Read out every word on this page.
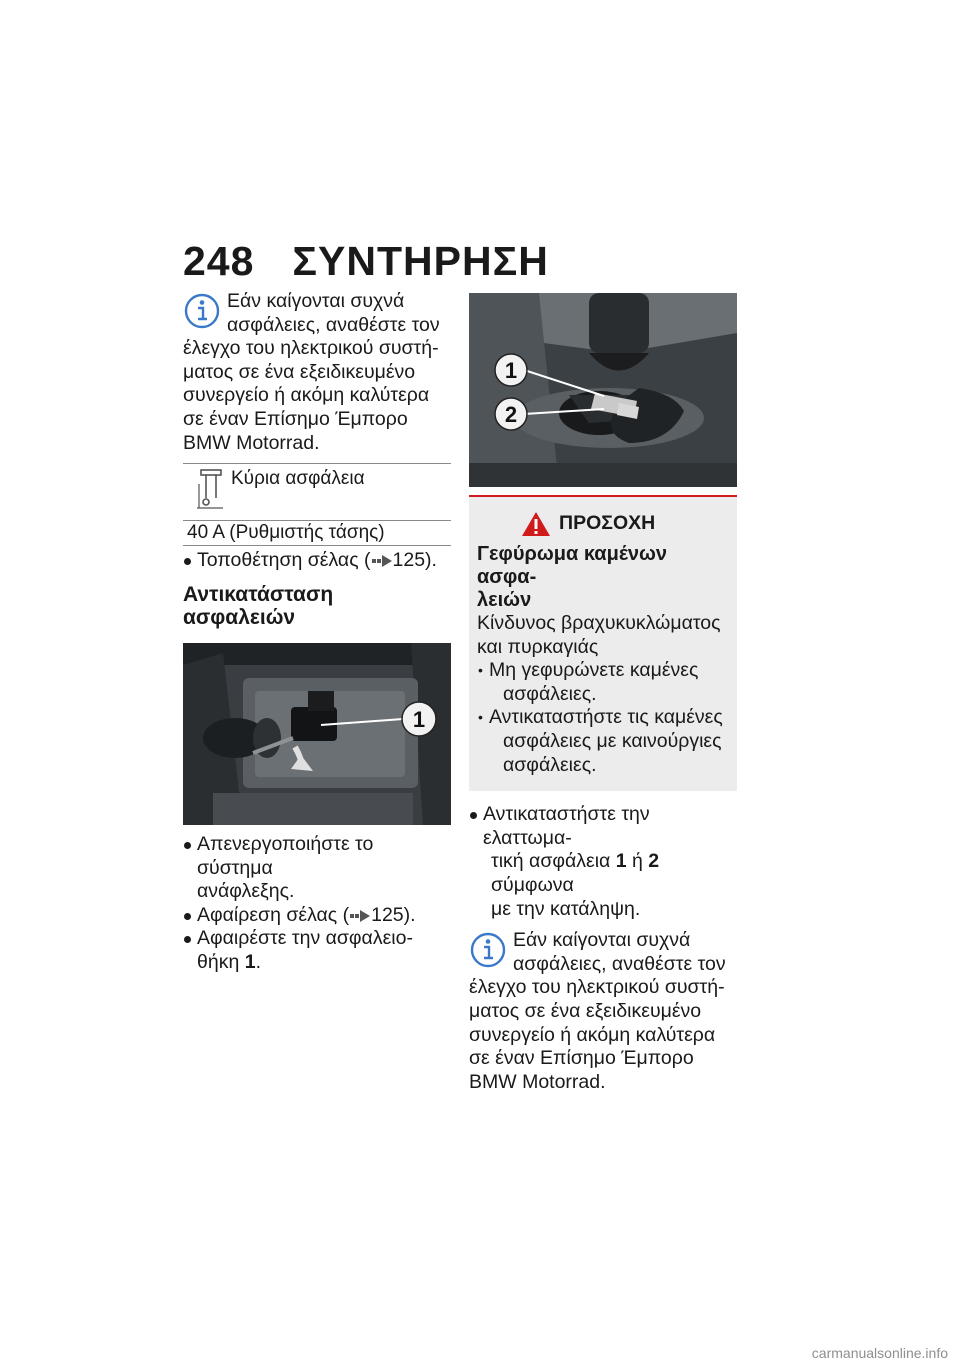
248 ΣΥΝΤΗΡΗΣΗ

Εάν καίγονται συχνά

ασφάλειες, αναθέστε τον

έλεγχο του ηλεκτρικού συστή-

ματος σε ένα εξειδικευμένο

συνεργείο ή ακόμη καλύτερα

σε έναν Επίσημο Έμπορο

BMW Motorrad.

Κύρια ασφάλεια

40 A (Ρυθμιστής τάσης)
Τοποθέτηση σέλας ( 125).
Αντικατάσταση ασφαλειών
1
Απενεργοποιήστε το σύστημα
ανάφλεξης.
Αφαίρεση σέλας ( 125).
Αφαιρέστε την ασφαλειο-
θήκη 1.
1
2
ΠΡΟΣΟΧΗ
Γεφύρωμα καμένων ασφα-
λειών
Κίνδυνος βραχυκυκλώματος
και πυρκαγιάς
• Μη γεφυρώνετε καμένες
ασφάλειες.
• Αντικαταστήστε τις καμένες
ασφάλειες με καινούργιες
ασφάλειες.
Αντικαταστήστε την ελαττωμα-
τική ασφάλεια 1 ή 2 σύμφωνα
με την κατάληψη.

Εάν καίγονται συχνά

ασφάλειες, αναθέστε τον

έλεγχο του ηλεκτρικού συστή-

ματος σε ένα εξειδικευμένο

συνεργείο ή ακόμη καλύτερα

σε έναν Επίσημο Έμπορο

BMW Motorrad.

carmanualsonline.info
